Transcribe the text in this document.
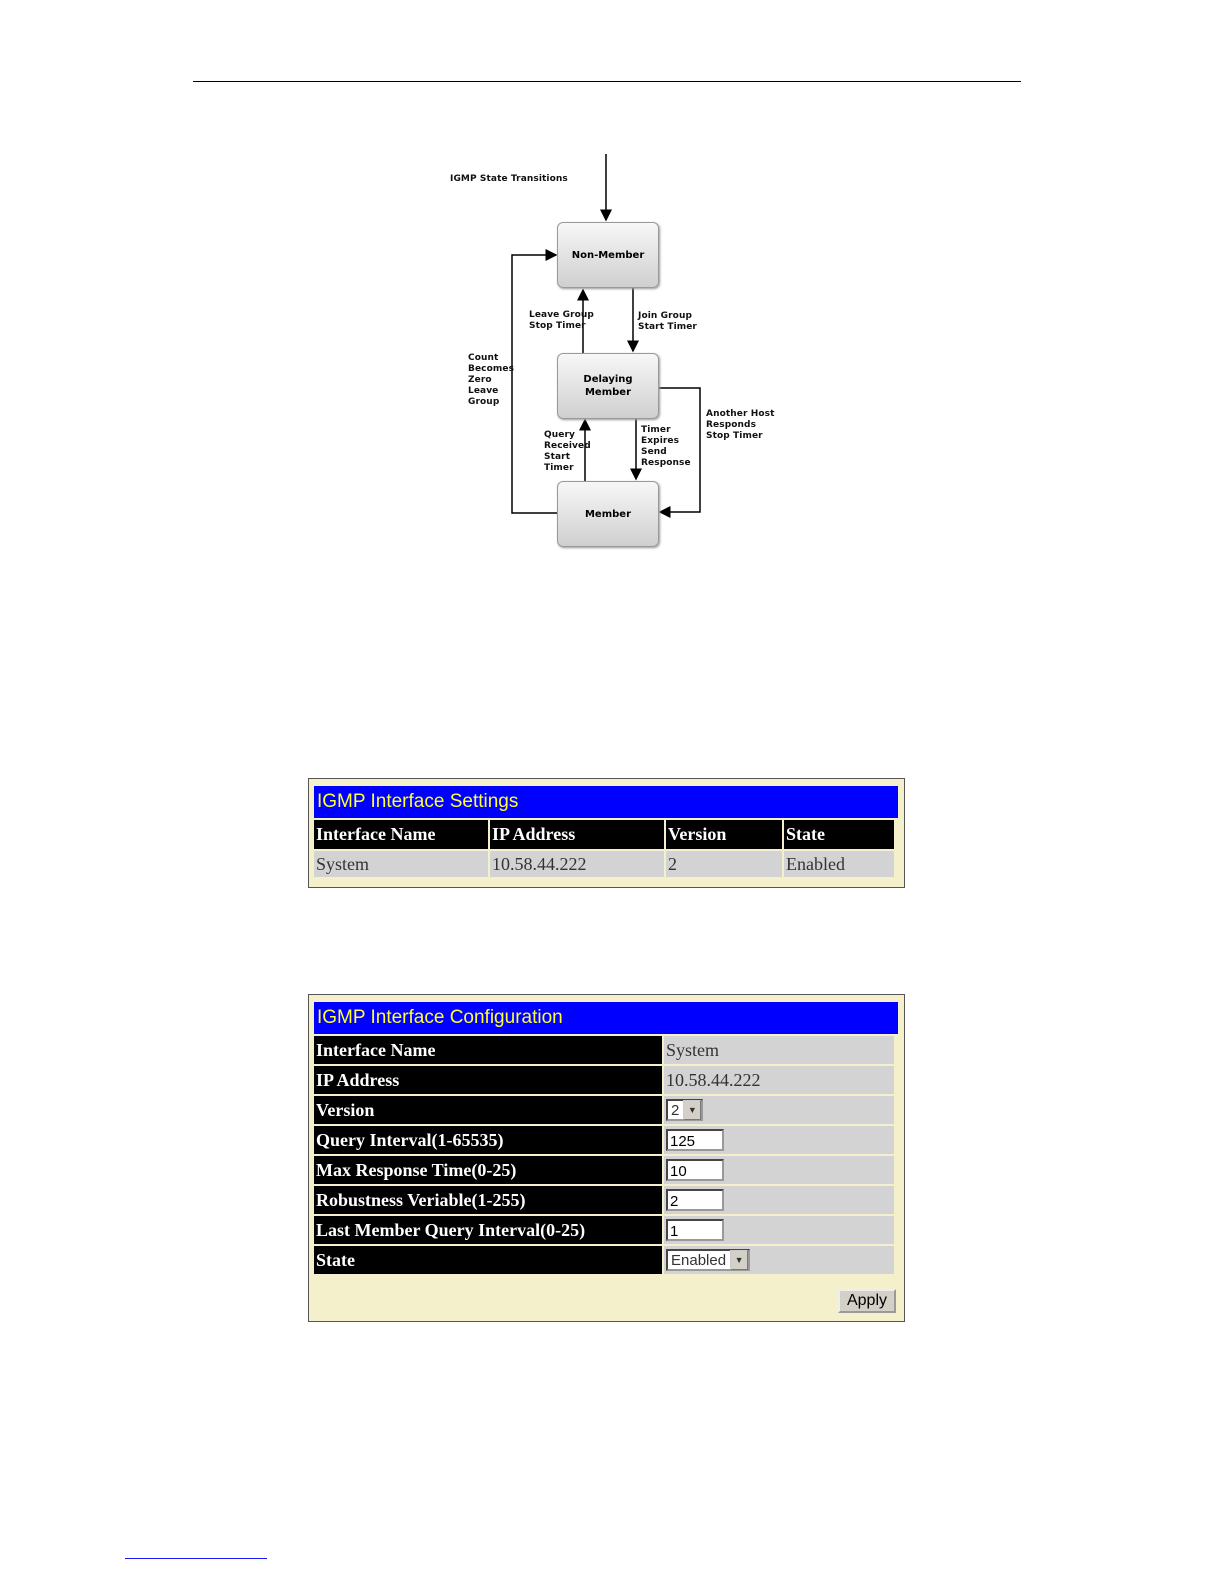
IGMP State Transitions
Non-Member
Delaying
Member
Member
Leave Group
Stop Timer
Join Group
Start Timer
Count
Becomes
Zero
Leave
Group
Another Host
Responds
Stop Timer
Query
Received
Start
Timer
Timer
Expires
Send
Response
IGMP Interface Settings
Interface Name	IP Address	Version	State
System	10.58.44.222	2	Enabled
IGMP Interface Configuration
Interface Name	System
IP Address	10.58.44.222
Version	2 ▼

Query Interval(1-65535)	125
Max Response Time(0-25)	10
Robustness Veriable(1-255)	2
Last Member Query Interval(0-25)	1
State	Enabled ▼
Apply
